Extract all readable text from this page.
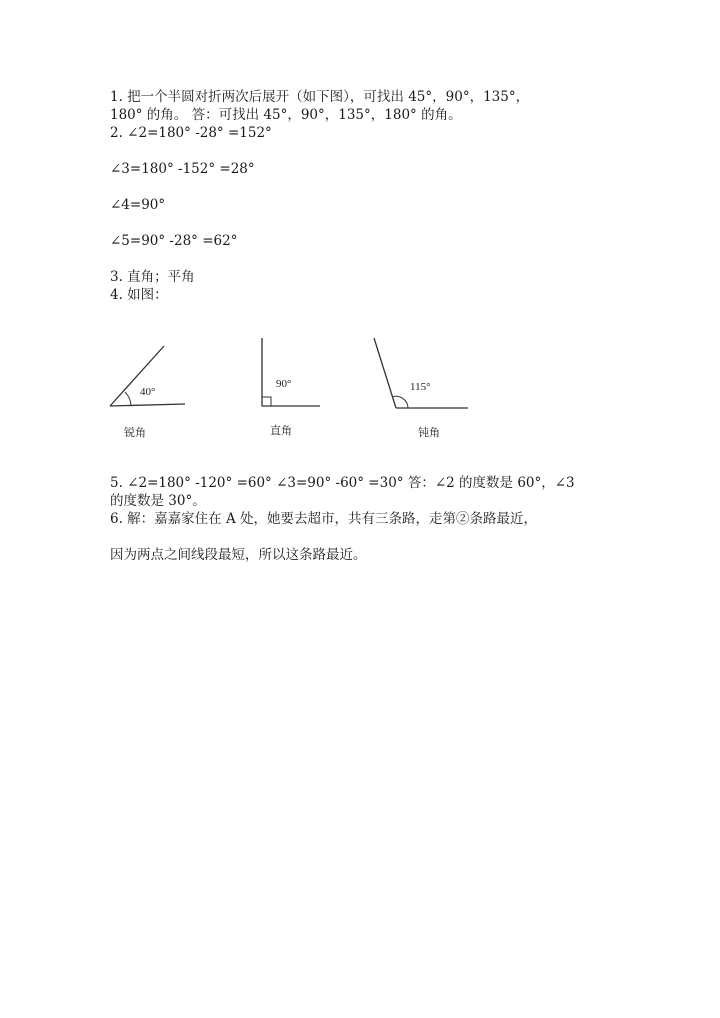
1. 把一个半圆对折两次后展开（如下图），可找出 45°，90°，135°，
180° 的角。 答：可找出 45°，90°，135°，180° 的角。
2. ∠2=180° -28° =152°
∠3=180° -152° =28°
∠4=90°
∠5=90° -28° =62°
3. 直角；平角
4. 如图：
40°
锐角
90°
直角
115°
钝角
5. ∠2=180° -120° =60° ∠3=90° -60° =30° 答：∠2 的度数是 60°，∠3
的度数是 30°。
6. 解：嘉嘉家住在 A 处，她要去超市，共有三条路，走第②条路最近，
因为两点之间线段最短，所以这条路最近。
